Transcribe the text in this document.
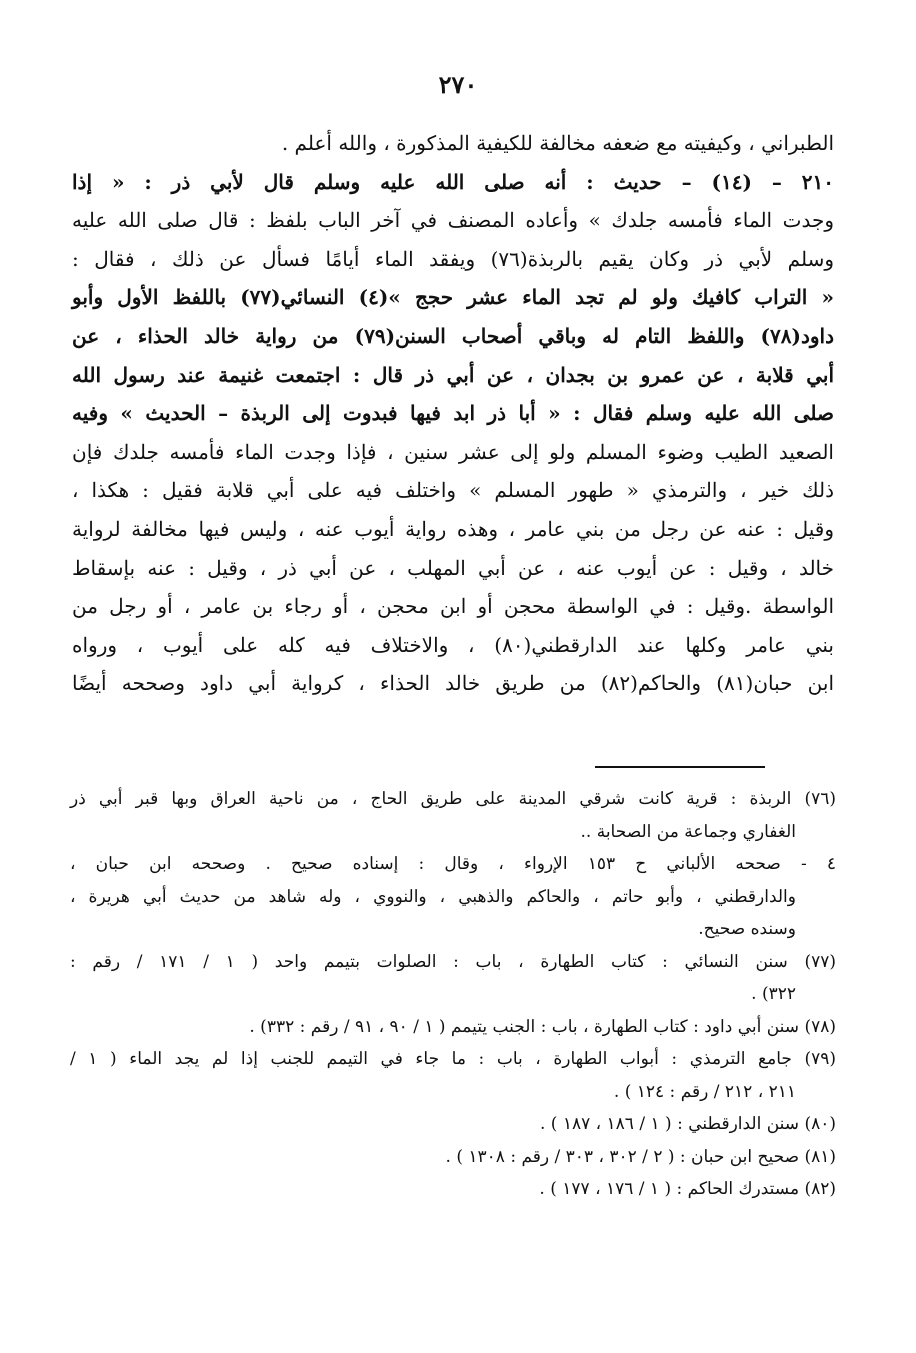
٢٧٠
الطبراني ، وكيفيته مع ضعفه مخالفة للكيفية المذكورة ، والله أعلم .
٢١٠ – (١٤) – حديث : أنه صلى الله عليه وسلم قال لأبي ذر : « إذا
وجدت الماء فأمسه جلدك » وأعاده المصنف في آخر الباب بلفظ : قال صلى الله عليه
وسلم لأبي ذر وكان يقيم بالربذة(٧٦) ويفقد الماء أيامًا فسأل عن ذلك ، فقال :
« التراب كافيك ولو لم تجد الماء عشر حجج »(٤) النسائي(٧٧) باللفظ الأول وأبو
داود(٧٨) واللفظ التام له وباقي أصحاب السنن(٧٩) من رواية خالد الحذاء ، عن
أبي قلابة ، عن عمرو بن بجدان ، عن أبي ذر قال : اجتمعت غنيمة عند رسول الله
صلى الله عليه وسلم فقال : « أبا ذر ابد فيها فبدوت إلى الربذة – الحديث » وفيه
الصعيد الطيب وضوء المسلم ولو إلى عشر سنين ، فإذا وجدت الماء فأمسه جلدك فإن
ذلك خير ، والترمذي « طهور المسلم » واختلف فيه على أبي قلابة فقيل : هكذا ،
وقيل : عنه عن رجل من بني عامر ، وهذه رواية أيوب عنه ، وليس فيها مخالفة لرواية
خالد ، وقيل : عن أيوب عنه ، عن أبي المهلب ، عن أبي ذر ، وقيل : عنه بإسقاط
الواسطة .وقيل : في الواسطة محجن أو ابن محجن ، أو رجاء بن عامر ، أو رجل من
بني عامر وكلها عند الدارقطني(٨٠) ، والاختلاف فيه كله على أيوب ، ورواه
ابن حبان(٨١) والحاكم(٨٢) من طريق خالد الحذاء ، كرواية أبي داود وصححه أيضًا
(٧٦) الربذة : قرية كانت شرقي المدينة على طريق الحاج ، من ناحية العراق وبها قبر أبي ذر
الغفاري وجماعة من الصحابة ..
٤ - صححه الألباني ح ١٥٣ الإرواء ، وقال : إسناده صحيح . وصححه ابن حبان ،
والدارقطني ، وأبو حاتم ، والحاكم والذهبي ، والنووي ، وله شاهد من حديث أبي هريرة ،
وسنده صحيح.
(٧٧) سنن النسائي : كتاب الطهارة ، باب : الصلوات بتيمم واحد ( ١ / ١٧١ / رقم :
٣٢٢) .
(٧٨) سنن أبي داود : كتاب الطهارة ، باب : الجنب يتيمم ( ١ / ٩٠ ، ٩١ / رقم : ٣٣٢) .
(٧٩) جامع الترمذي : أبواب الطهارة ، باب : ما جاء في التيمم للجنب إذا لم يجد الماء ( ١ /
٢١١ ، ٢١٢ / رقم : ١٢٤ ) .
(٨٠) سنن الدارقطني : ( ١ / ١٨٦ ، ١٨٧ ) .
(٨١) صحيح ابن حبان : ( ٢ / ٣٠٢ ، ٣٠٣ / رقم : ١٣٠٨ ) .
(٨٢) مستدرك الحاكم : ( ١ / ١٧٦ ، ١٧٧ ) .
